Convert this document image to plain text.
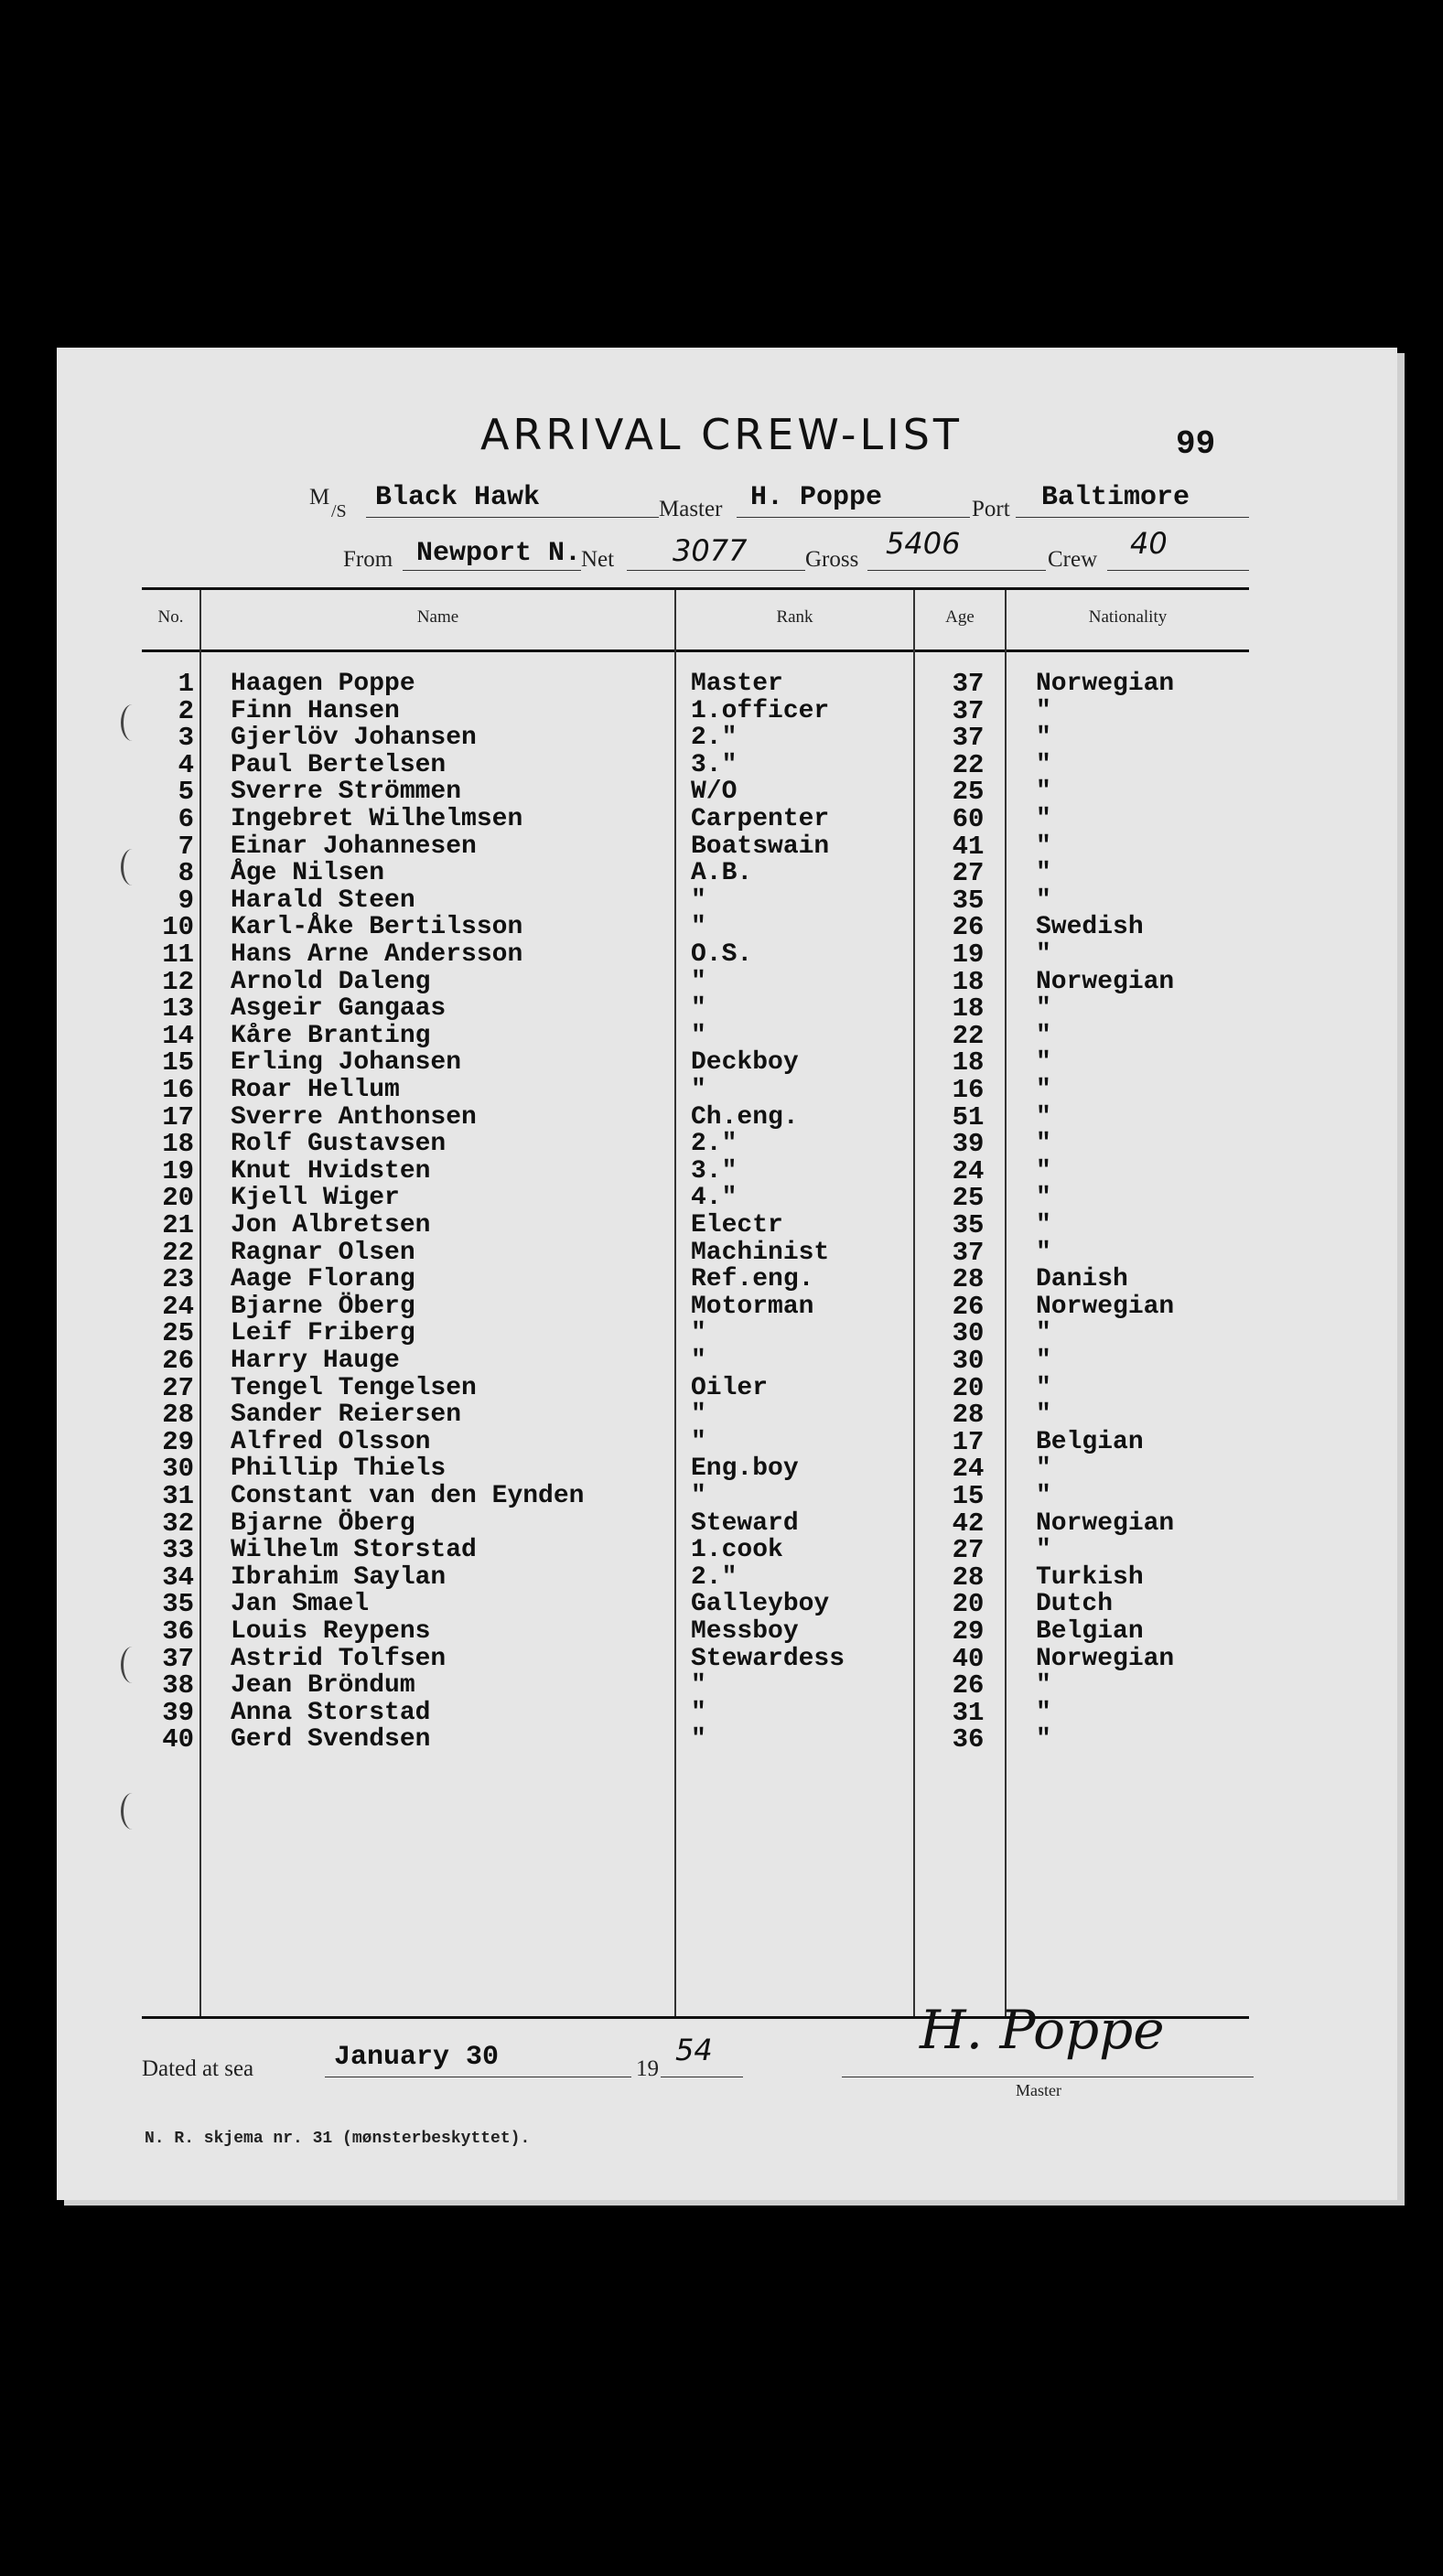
99
ARRIVAL CREW-LIST
M
/S Black Hawk	Master H. Poppe	Port Baltimore
From Newport N. Net 3077	Gross 5406	Crew 40
No.	Name	Rank	Age	Nationality
1 Haagen Poppe	Master	37	Norwegian
2 Finn Hansen	1.officer	37	"
3 Gjerlöv Johansen	2."	37	"
4 Paul Bertelsen	3."	22	"
5 Sverre Strömmen	W/O	25	"
6 Ingebret Wilhelmsen	Carpenter	60	"
7 Einar Johannesen	Boatswain	41	"
8 Åge Nilsen	A.B.	27	"
9 Harald Steen	"	35	"
10 Karl-Åke Bertilsson	"	26	Swedish
11 Hans Arne Andersson	O.S.	19	"
12 Arnold Daleng	"	18	Norwegian
13 Asgeir Gangaas	"	18	"
14 Kåre Branting	"	22	"
15 Erling Johansen	Deckboy	18	"
16 Roar Hellum	"	16	"
17 Sverre Anthonsen	Ch.eng.	51	"
18 Rolf Gustavsen	2."	39	"
19 Knut Hvidsten	3."	24	"
20 Kjell Wiger	4."	25	"
21 Jon Albretsen	Electr	35	"
22 Ragnar Olsen	Machinist	37	"
23 Aage Florang	Ref.eng.	28	Danish
24 Bjarne Öberg	Motorman	26	Norwegian
25 Leif Friberg	"	30	"
26 Harry Hauge	"	30	"
27 Tengel Tengelsen	Oiler	20	"
28 Sander Reiersen	"	28	"
29 Alfred Olsson	"	17	Belgian
30 Phillip Thiels	Eng.boy	24	"
31 Constant van den Eynden	"	15	"
32 Bjarne Öberg	Steward	42	Norwegian
33 Wilhelm Storstad	1.cook	27	"
34 Ibrahim Saylan	2."	28	Turkish
35 Jan Smael	Galleyboy	20	Dutch
36 Louis Reypens	Messboy	29	Belgian
37 Astrid Tolfsen	Stewardess	40	Norwegian
38 Jean Bröndum	"	26	"
39 Anna Storstad	"	31	"
40 Gerd Svendsen	"	36	"
Dated at sea	January 30	19
54	H. Poppe
Master
N. R. skjema nr. 31 (mønsterbeskyttet).
